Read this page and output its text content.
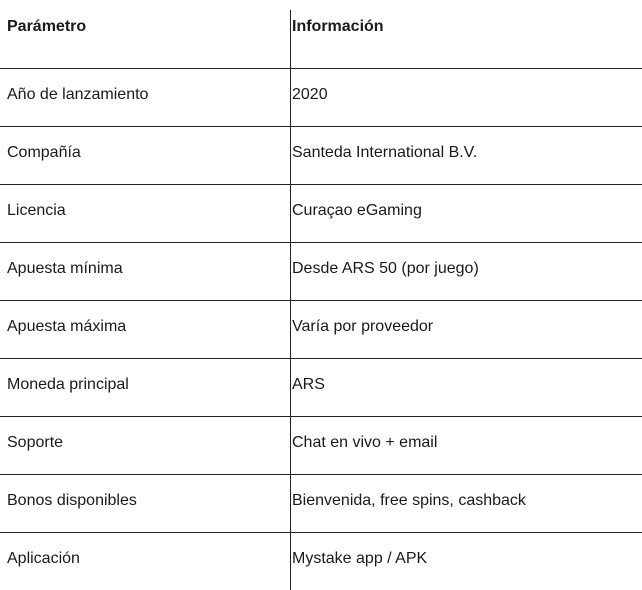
Parámetro	Información
Año de lanzamiento	2020
Compañía	Santeda International B.V.
Licencia	Curaçao eGaming
Apuesta mínima	Desde ARS 50 (por juego)
Apuesta máxima	Varía por proveedor
Moneda principal	ARS
Soporte	Chat en vivo + email
Bonos disponibles	Bienvenida, free spins, cashback
Aplicación	Mystake app / APK
